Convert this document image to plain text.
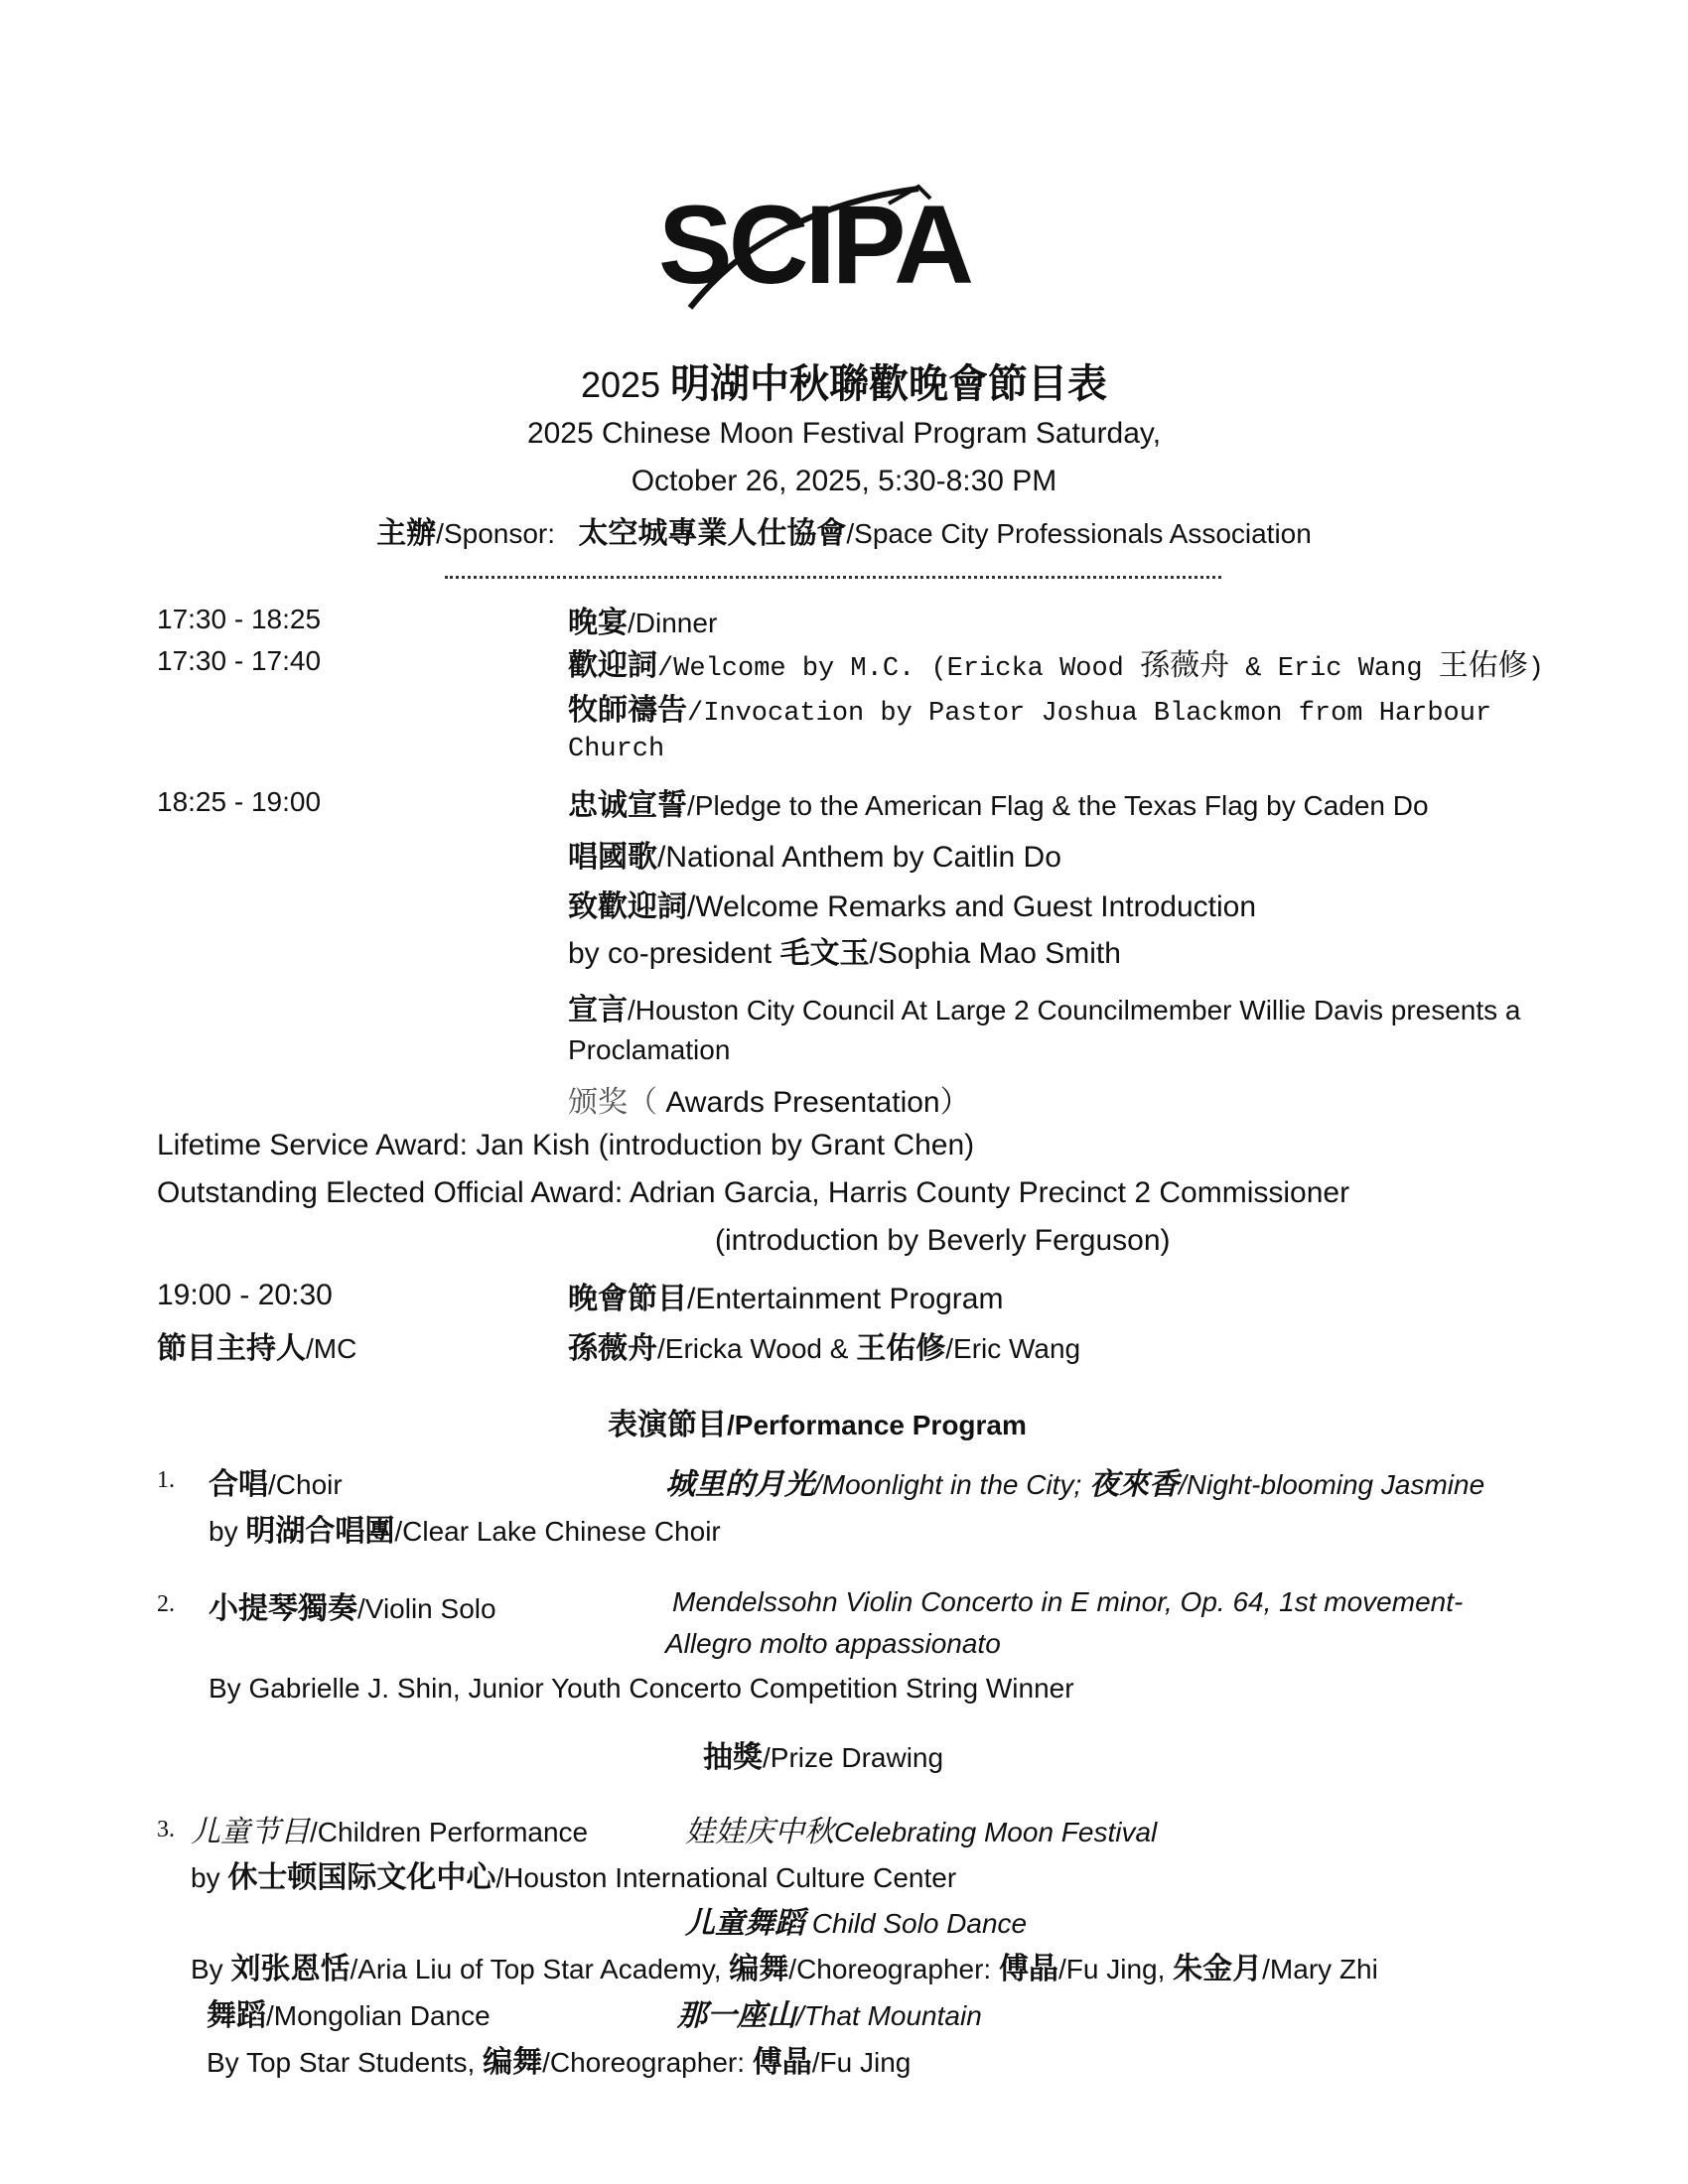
SCIPA
2025 明湖中秋聯歡晚會節目表
2025 Chinese Moon Festival Program Saturday,
October 26, 2025, 5:30-8:30 PM
主辦/Sponsor: 太空城專業人仕協會/Space City Professionals Association
17:30 - 18:25	晚宴/Dinner
17:30 - 17:40	歡迎詞/Welcome by M.C. (Ericka Wood 孫薇舟 & Eric Wang 王佑修)
牧師禱告/Invocation by Pastor Joshua Blackmon from Harbour
Church
18:25 - 19:00	忠诚宣誓/Pledge to the American Flag & the Texas Flag by Caden Do
唱國歌/National Anthem by Caitlin Do
致歡迎詞/Welcome Remarks and Guest Introduction
by co-president 毛文玉/Sophia Mao Smith
宣言/Houston City Council At Large 2 Councilmember Willie Davis presents a
Proclamation
颁奖（ Awards Presentation）
Lifetime Service Award: Jan Kish (introduction by Grant Chen)
Outstanding Elected Official Award: Adrian Garcia, Harris County Precinct 2 Commissioner
(introduction by Beverly Ferguson)
19:00 - 20:30	晚會節目/Entertainment Program
節目主持人/MC	孫薇舟/Ericka Wood & 王佑修/Eric Wang
表演節目/Performance Program
1. 合唱/Choir	城里的月光/Moonlight in the City; 夜來香/Night-blooming Jasmine
by 明湖合唱團/Clear Lake Chinese Choir
2. 小提琴獨奏/Violin Solo	Mendelssohn Violin Concerto in E minor, Op. 64, 1st movement-
Allegro molto appassionato
By Gabrielle J. Shin, Junior Youth Concerto Competition String Winner
抽獎/Prize Drawing
3. 儿童节目/Children Performance	娃娃庆中秋Celebrating Moon Festival
by 休士顿国际文化中心/Houston International Culture Center
儿童舞蹈 Child Solo Dance
By 刘张恩恬/Aria Liu of Top Star Academy, 编舞/Choreographer: 傅晶/Fu Jing, 朱金月/Mary Zhi
舞蹈/Mongolian Dance	那一座山/That Mountain
By Top Star Students, 编舞/Choreographer: 傅晶/Fu Jing
